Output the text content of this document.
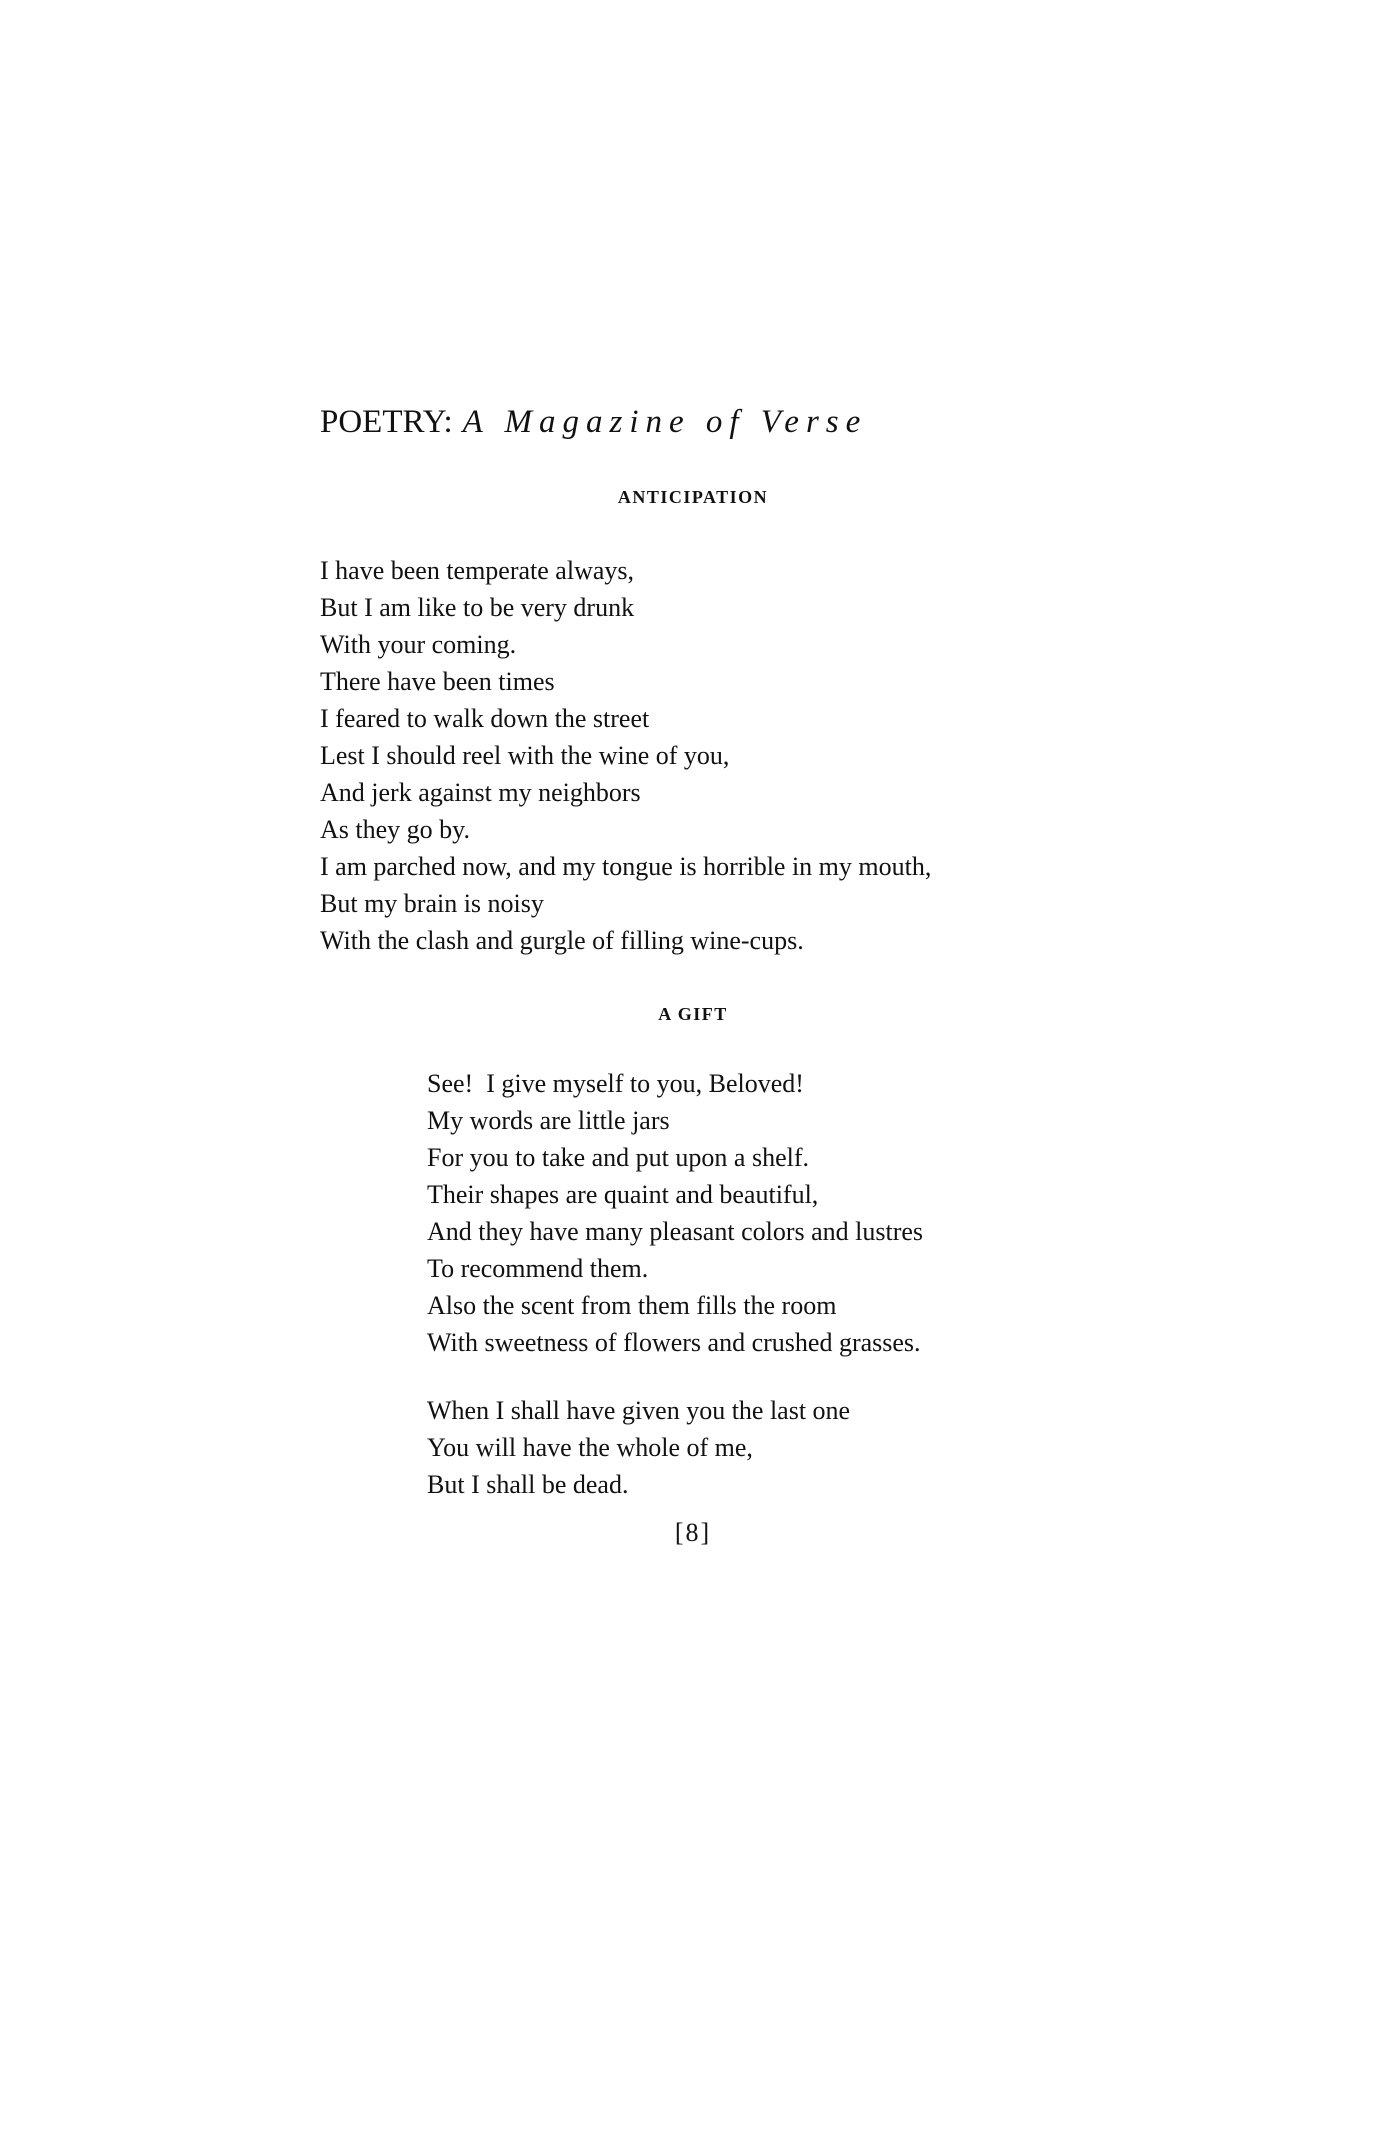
POETRY: A Magazine of Verse
ANTICIPATION
I have been temperate always,
But I am like to be very drunk
With your coming.
There have been times
I feared to walk down the street
Lest I should reel with the wine of you,
And jerk against my neighbors
As they go by.
I am parched now, and my tongue is horrible in my mouth,
But my brain is noisy
With the clash and gurgle of filling wine-cups.
A GIFT
See!  I give myself to you, Beloved!
My words are little jars
For you to take and put upon a shelf.
Their shapes are quaint and beautiful,
And they have many pleasant colors and lustres
To recommend them.
Also the scent from them fills the room
With sweetness of flowers and crushed grasses.
When I shall have given you the last one
You will have the whole of me,
But I shall be dead.
[8]
